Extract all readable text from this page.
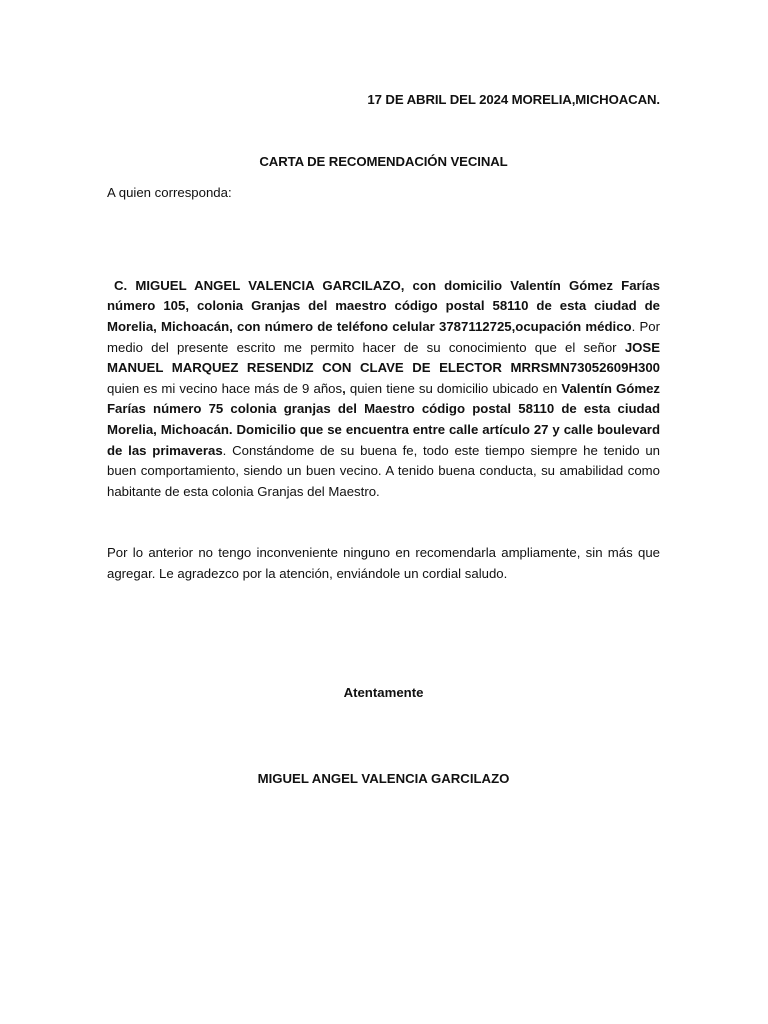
17 DE ABRIL DEL 2024 MORELIA,MICHOACAN.
CARTA DE RECOMENDACIÓN VECINAL
A quien corresponda:
C. MIGUEL ANGEL VALENCIA GARCILAZO, con domicilio Valentín Gómez Farías número 105, colonia Granjas del maestro código postal 58110 de esta ciudad de Morelia, Michoacán, con número de teléfono celular 3787112725,ocupación médico. Por medio del presente escrito me permito hacer de su conocimiento que el señor JOSE MANUEL MARQUEZ RESENDIZ CON CLAVE DE ELECTOR MRRSMN73052609H300 quien es mi vecino hace más de 9 años, quien tiene su domicilio ubicado en Valentín Gómez Farías número 75 colonia granjas del Maestro código postal 58110 de esta ciudad Morelia, Michoacán. Domicilio que se encuentra entre calle artículo 27 y calle boulevard de las primaveras. Constándome de su buena fe, todo este tiempo siempre he tenido un buen comportamiento, siendo un buen vecino. A tenido buena conducta, su amabilidad como habitante de esta colonia Granjas del Maestro.
Por lo anterior no tengo inconveniente ninguno en recomendarla ampliamente, sin más que agregar. Le agradezco por la atención, enviándole un cordial saludo.
Atentamente
MIGUEL ANGEL VALENCIA GARCILAZO
